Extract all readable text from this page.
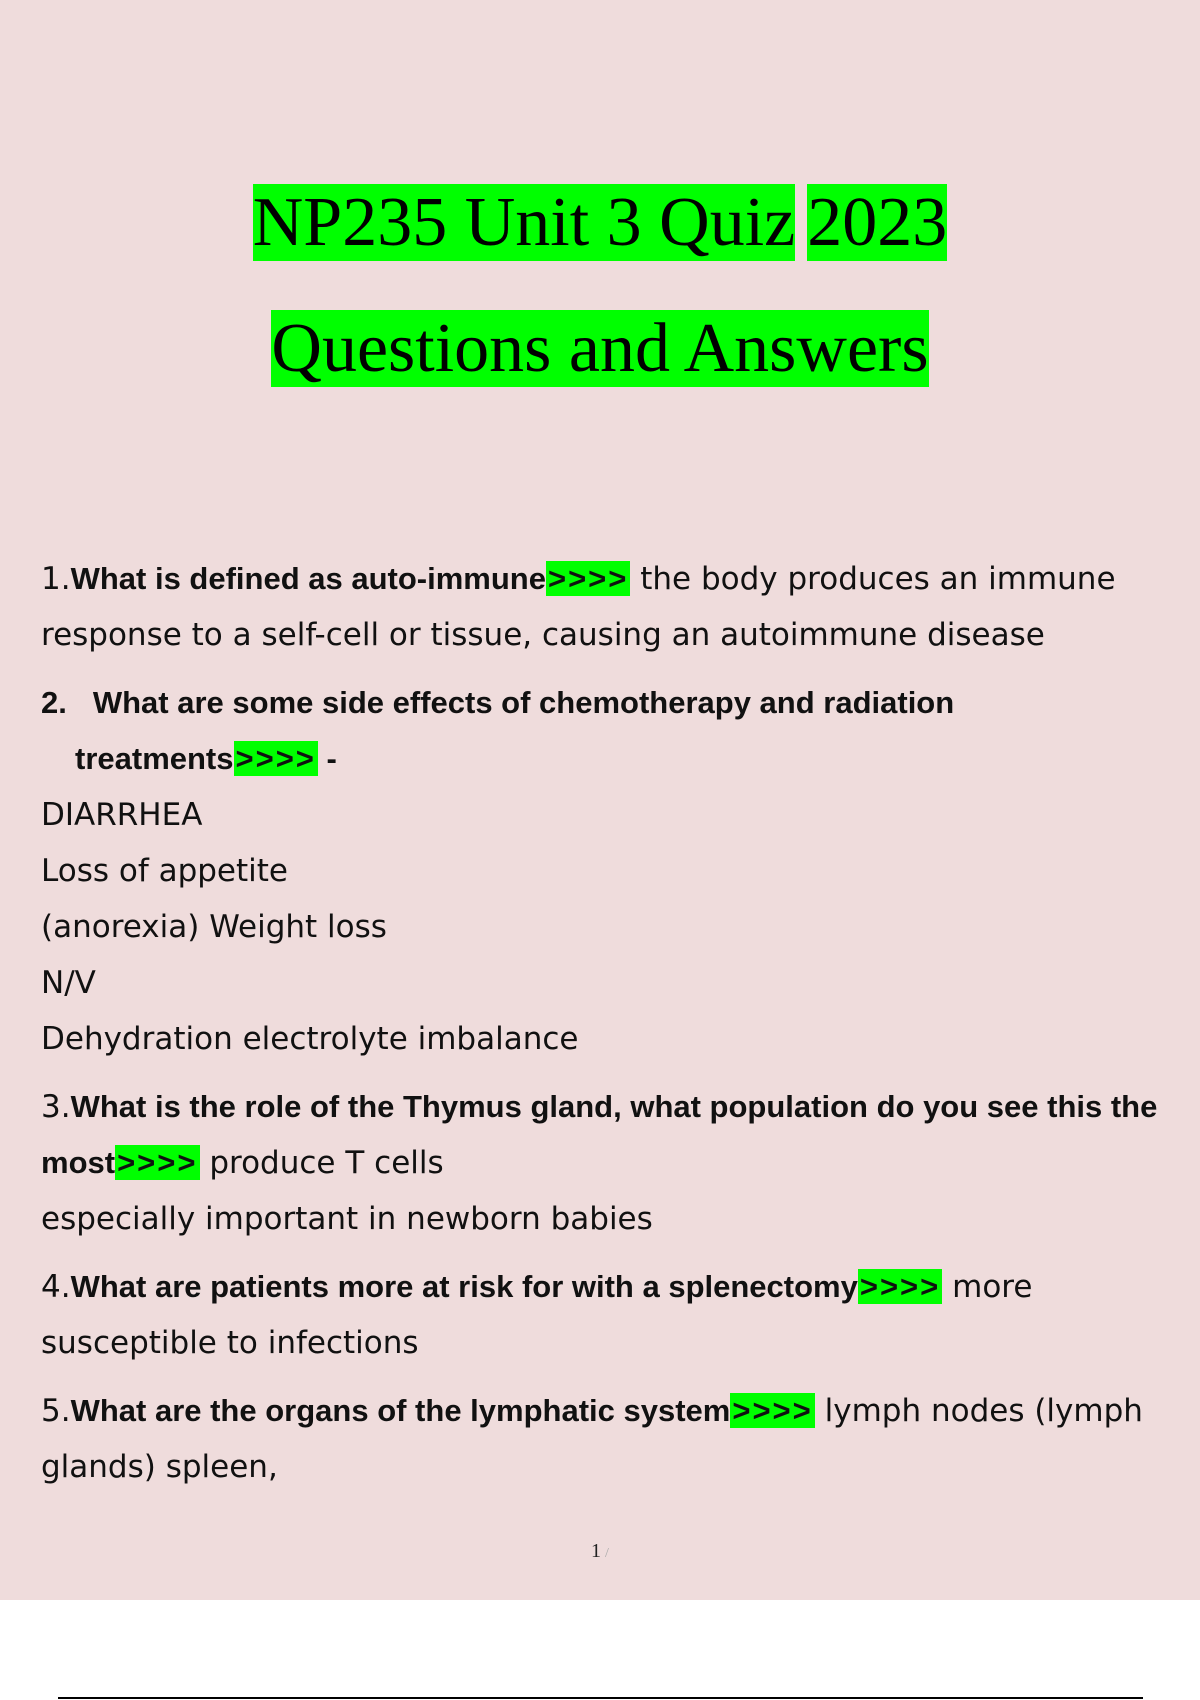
NP235 Unit 3 Quiz 2023
Questions and Answers
1.What is defined as auto-immune>>>> the body produces an immune response to a self-cell or tissue, causing an autoimmune disease
2. What are some side effects of chemotherapy and radiation
treatments>>>> -
DIARRHEA
Loss of appetite
(anorexia) Weight loss
N/V
Dehydration electrolyte imbalance
3.What is the role of the Thymus gland, what population do you see this the most>>>> produce T cells
especially important in newborn babies
4.What are patients more at risk for with a splenectomy>>>> more susceptible to infections
5.What are the organs of the lymphatic system>>>> lymph nodes (lymph glands) spleen,
1 /
